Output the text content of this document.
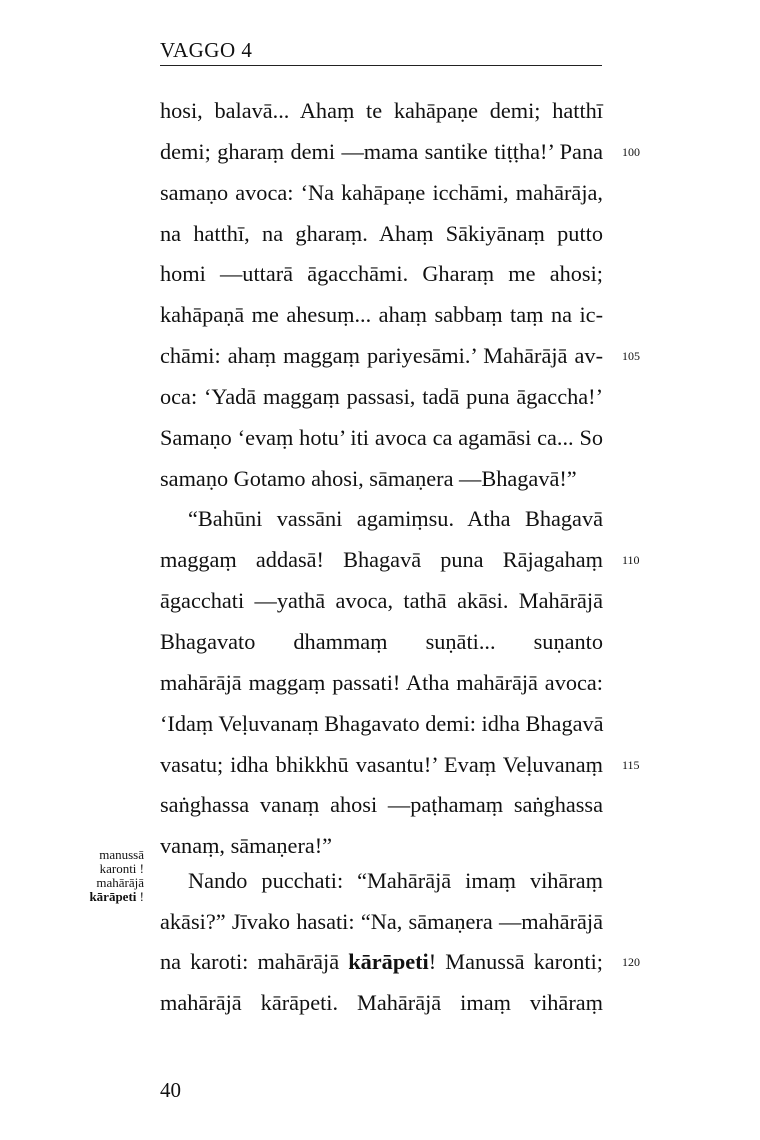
VAGGO 4
hosi, balavā... Ahaṃ te kahāpaṇe demi; hatthī
demi; gharaṃ demi —mama santike tiṭṭha!’ Pana
samaṇo avoca: ‘Na kahāpaṇe icchāmi, mahārāja,
na hatthī, na gharaṃ. Ahaṃ Sākiyānaṃ putto
homi —uttarā āgacchāmi. Gharaṃ me ahosi;
kahāpaṇā me ahesuṃ... ahaṃ sabbaṃ taṃ na ic-
chāmi: ahaṃ maggaṃ pariyesāmi.’ Mahārājā av-
oca: ‘Yadā maggaṃ passasi, tadā puna āgaccha!’
Samaṇo ‘evaṃ hotu’ iti avoca ca agamāsi ca... So
samaṇo Gotamo ahosi, sāmaṇera —Bhagavā!”
“Bahūni vassāni agamiṃsu. Atha Bhagavā
maggaṃ addasā! Bhagavā puna Rājagahaṃ
āgacchati —yathā avoca, tathā akāsi. Mahārājā
Bhagavato dhammaṃ suṇāti... suṇanto
mahārājā maggaṃ passati! Atha mahārājā avoca:
‘Idaṃ Veḷuvanaṃ Bhagavato demi: idha Bhagavā
vasatu; idha bhikkhū vasantu!’ Evaṃ Veḷuvanaṃ
saṅghassa vanaṃ ahosi —paṭhamaṃ saṅghassa
vanaṃ, sāmaṇera!”
Nando pucchati: “Mahārājā imaṃ vihāraṃ
akāsi?” Jīvako hasati: “Na, sāmaṇera —mahārājā
na karoti: mahārājā kārāpeti! Manussā karonti;
mahārājā kārāpeti. Mahārājā imaṃ vihāraṃ
100
105
110
115
120
manussā
karonti !
mahārājā
kārāpeti !
40
